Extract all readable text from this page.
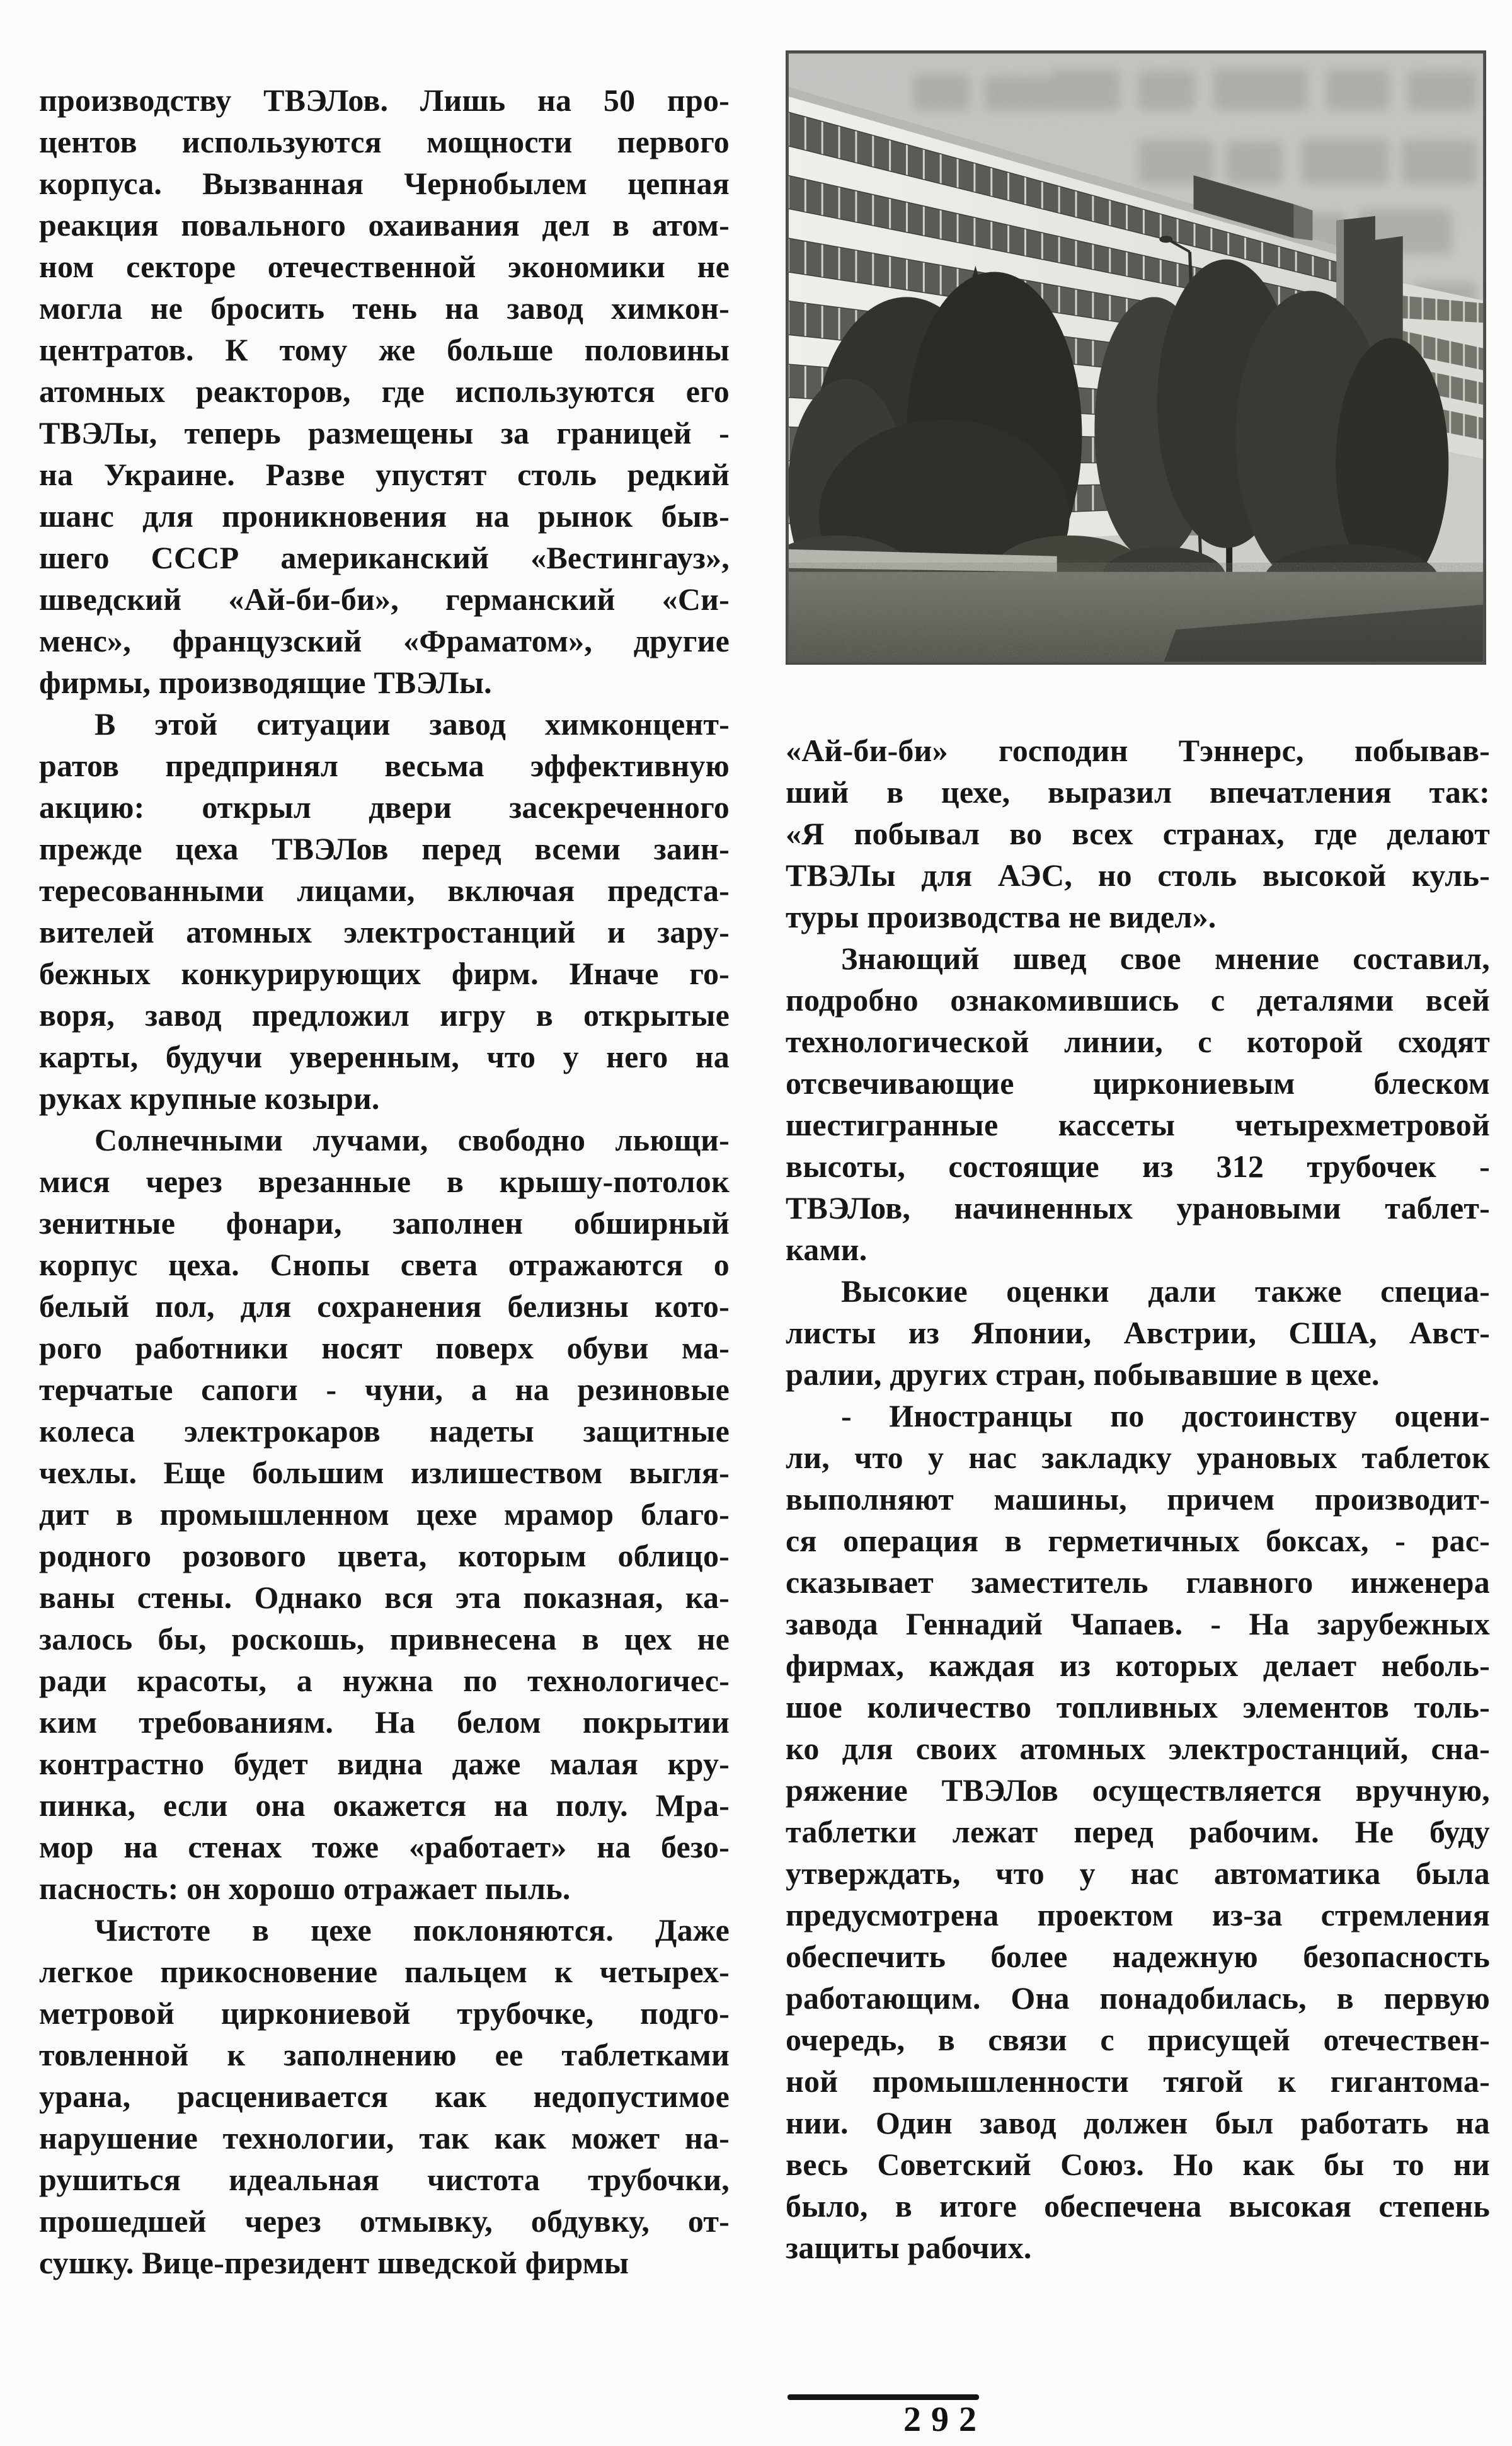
производству ТВЭЛов. Лишь на 50 про-
центов используются мощности первого
корпуса. Вызванная Чернобылем цепная
реакция повального охаивания дел в атом-
ном секторе отечественной экономики не
могла не бросить тень на завод химкон-
центратов. К тому же больше половины
атомных реакторов, где используются его
ТВЭЛы, теперь размещены за границей -
на Украине. Разве упустят столь редкий
шанс для проникновения на рынок быв-
шего СССР американский «Вестингауз»,
шведский «Ай-би-би», германский «Си-
менс», французский «Фраматом», другие
фирмы, производящие ТВЭЛы.
В этой ситуации завод химконцент-
ратов предпринял весьма эффективную
акцию: открыл двери засекреченного
прежде цеха ТВЭЛов перед всеми заин-
тересованными лицами, включая предста-
вителей атомных электростанций и зару-
бежных конкурирующих фирм. Иначе го-
воря, завод предложил игру в открытые
карты, будучи уверенным, что у него на
руках крупные козыри.
Солнечными лучами, свободно льющи-
мися через врезанные в крышу-потолок
зенитные фонари, заполнен обширный
корпус цеха. Снопы света отражаются о
белый пол, для сохранения белизны кото-
рого работники носят поверх обуви ма-
терчатые сапоги - чуни, а на резиновые
колеса электрокаров надеты защитные
чехлы. Еще большим излишеством выгля-
дит в промышленном цехе мрамор благо-
родного розового цвета, которым облицо-
ваны стены. Однако вся эта показная, ка-
залось бы, роскошь, привнесена в цех не
ради красоты, а нужна по технологичес-
ким требованиям. На белом покрытии
контрастно будет видна даже малая кру-
пинка, если она окажется на полу. Мра-
мор на стенах тоже «работает» на безо-
пасность: он хорошо отражает пыль.
Чистоте в цехе поклоняются. Даже
легкое прикосновение пальцем к четырех-
метровой циркониевой трубочке, подго-
товленной к заполнению ее таблетками
урана, расценивается как недопустимое
нарушение технологии, так как может на-
рушиться идеальная чистота трубочки,
прошедшей через отмывку, обдувку, от-
сушку. Вице-президент шведской фирмы
«Ай-би-би» господин Тэннерс, побывав-
ший в цехе, выразил впечатления так:
«Я побывал во всех странах, где делают
ТВЭЛы для АЭС, но столь высокой куль-
туры производства не видел».
Знающий швед свое мнение составил,
подробно ознакомившись с деталями всей
технологической линии, с которой сходят
отсвечивающие циркониевым блеском
шестигранные кассеты четырехметровой
высоты, состоящие из 312 трубочек -
ТВЭЛов, начиненных урановыми таблет-
ками.
Высокие оценки дали также специа-
листы из Японии, Австрии, США, Авст-
ралии, других стран, побывавшие в цехе.
- Иностранцы по достоинству оцени-
ли, что у нас закладку урановых таблеток
выполняют машины, причем производит-
ся операция в герметичных боксах, - рас-
сказывает заместитель главного инженера
завода Геннадий Чапаев. - На зарубежных
фирмах, каждая из которых делает неболь-
шое количество топливных элементов толь-
ко для своих атомных электростанций, сна-
ряжение ТВЭЛов осуществляется вручную,
таблетки лежат перед рабочим. Не буду
утверждать, что у нас автоматика была
предусмотрена проектом из-за стремления
обеспечить более надежную безопасность
работающим. Она понадобилась, в первую
очередь, в связи с присущей отечествен-
ной промышленности тягой к гигантома-
нии. Один завод должен был работать на
весь Советский Союз. Но как бы то ни
было, в итоге обеспечена высокая степень
защиты рабочих.
292
